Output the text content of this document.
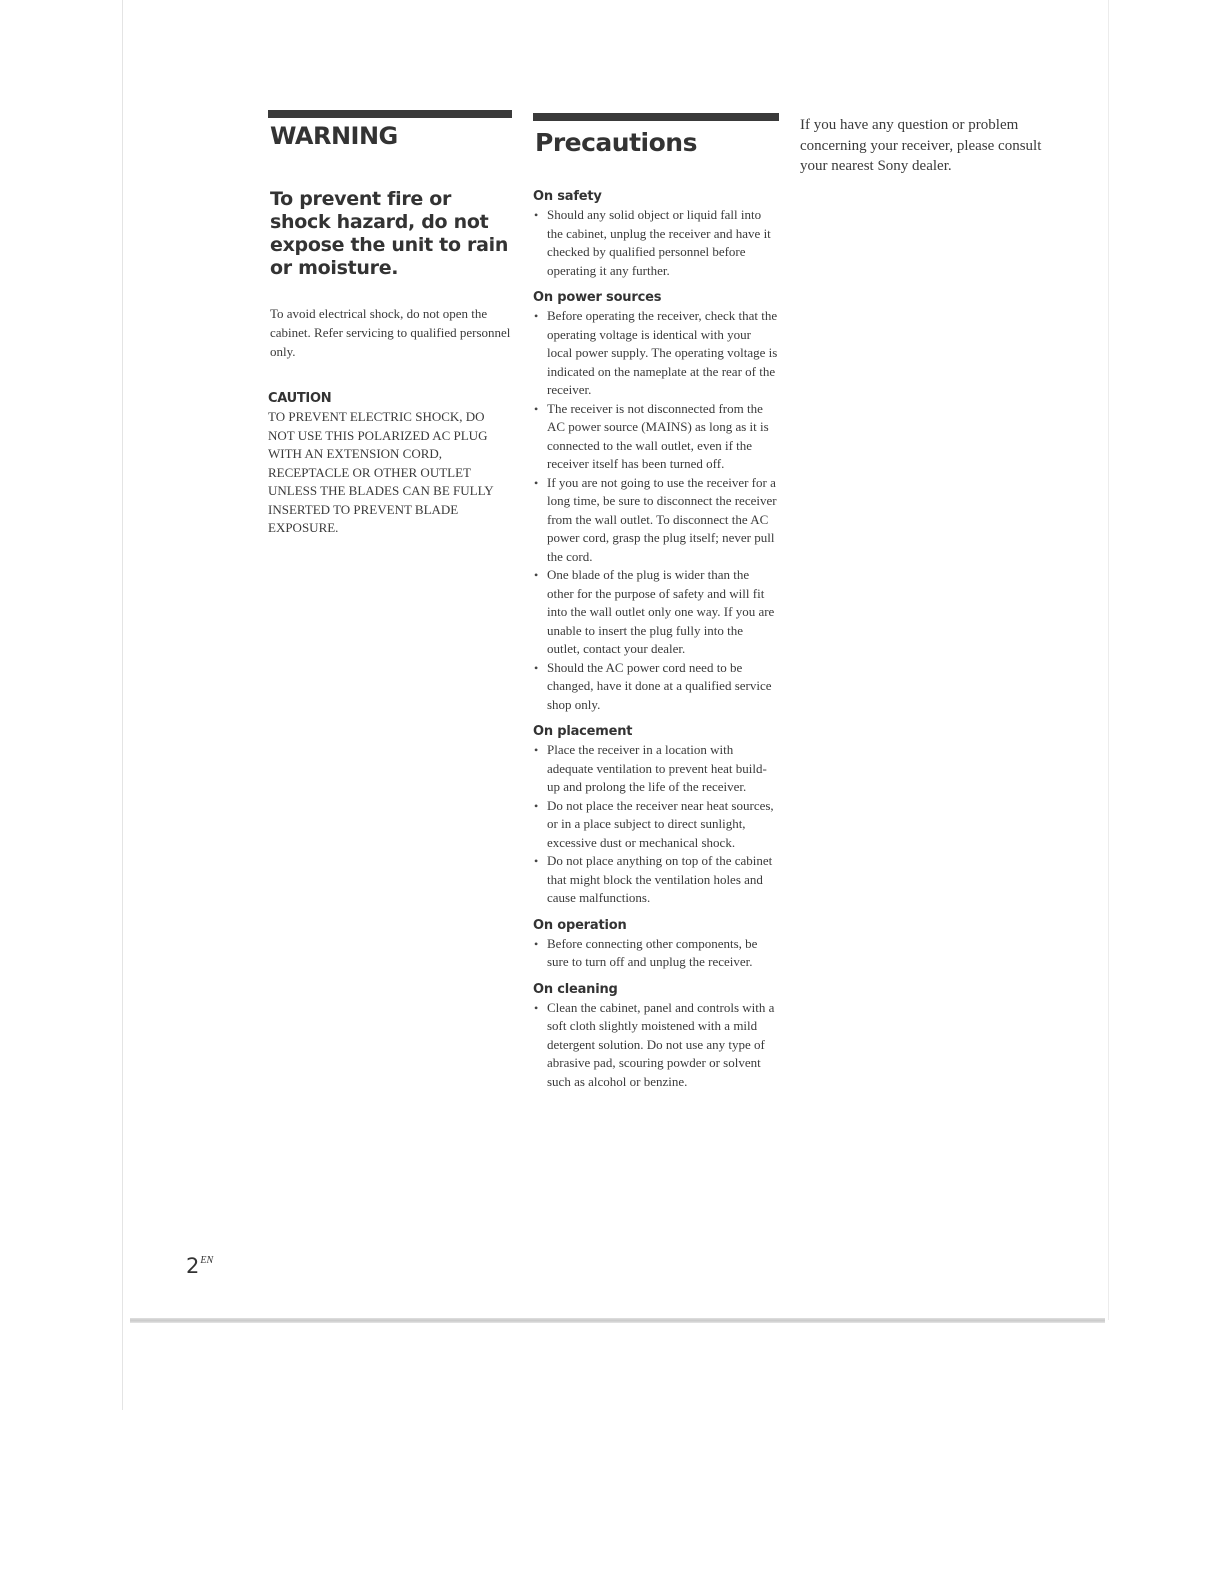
WARNING
To prevent fire or shock hazard, do not expose the unit to rain or moisture.
To avoid electrical shock, do not open the cabinet. Refer servicing to qualified personnel only.
CAUTION
TO PREVENT ELECTRIC SHOCK, DO NOT USE THIS POLARIZED AC PLUG WITH AN EXTENSION CORD, RECEPTACLE OR OTHER OUTLET UNLESS THE BLADES CAN BE FULLY INSERTED TO PREVENT BLADE EXPOSURE.
Precautions
On safety
• Should any solid object or liquid fall into the cabinet, unplug the receiver and have it checked by qualified personnel before operating it any further.
On power sources
• Before operating the receiver, check that the operating voltage is identical with your local power supply. The operating voltage is indicated on the nameplate at the rear of the receiver.
• The receiver is not disconnected from the AC power source (MAINS) as long as it is connected to the wall outlet, even if the receiver itself has been turned off.
• If you are not going to use the receiver for a long time, be sure to disconnect the receiver from the wall outlet. To disconnect the AC power cord, grasp the plug itself; never pull the cord.
• One blade of the plug is wider than the other for the purpose of safety and will fit into the wall outlet only one way. If you are unable to insert the plug fully into the outlet, contact your dealer.
• Should the AC power cord need to be changed, have it done at a qualified service shop only.
On placement
• Place the receiver in a location with adequate ventilation to prevent heat build-up and prolong the life of the receiver.
• Do not place the receiver near heat sources, or in a place subject to direct sunlight, excessive dust or mechanical shock.
• Do not place anything on top of the cabinet that might block the ventilation holes and cause malfunctions.
On operation
• Before connecting other components, be sure to turn off and unplug the receiver.
On cleaning
• Clean the cabinet, panel and controls with a soft cloth slightly moistened with a mild detergent solution. Do not use any type of abrasive pad, scouring powder or solvent such as alcohol or benzine.
If you have any question or problem concerning your receiver, please consult your nearest Sony dealer.
$2^{EN}$
